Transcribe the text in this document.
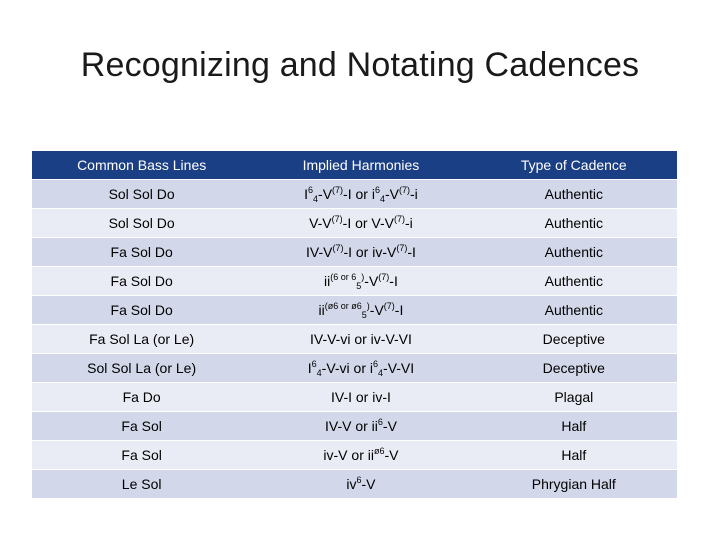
Recognizing and Notating Cadences
Common Bass Lines	Implied Harmonies	Type of Cadence
Sol Sol Do	$I^6_4-V^{(7)}-I$ or $i^6_4-V^{(7)}-i$	Authentic
Sol Sol Do	$V-V^{(7)}-I$ or $V-V^{(7)}-i$	Authentic
Fa Sol Do	$IV-V^{(7)}-I$ or $iv-V^{(7)}-I$	Authentic
Fa Sol Do	$ii^{(6 or 6}_5^)-V^{(7)}-I$	Authentic
Fa Sol Do	$ii^{(ø6 or ø6}_5^)-V^{(7)}-I$	Authentic
Fa Sol La (or Le)	IV-V-vi or iv-V-VI	Deceptive
Sol Sol La (or Le)	$I^6_4-V-vi$ or $i^6_4-V-VI$	Deceptive
Fa Do	IV-I or iv-I	Plagal
Fa Sol	IV-V or $ii^6-V$	Half
Fa Sol	iv-V or $ii^{ø6}-V$	Half
Le Sol	$iv^6-V$	Phrygian Half
